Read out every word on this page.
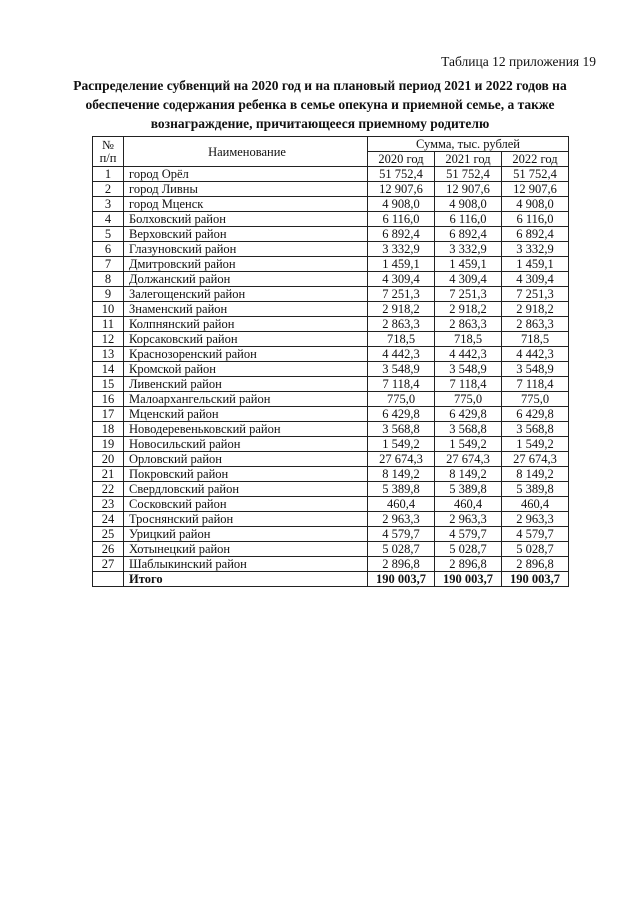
Таблица 12 приложения 19
Распределение субвенций на 2020 год и на плановый период 2021 и 2022 годов на обеспечение содержания ребенка в семье опекуна и приемной семье, а также вознаграждение, причитающееся приемному родителю
№
п/п	Наименование	Сумма, тыс. рублей		
		2020 год	2021 год	2022 год
1	город Орёл	51 752,4	51 752,4	51 752,4
2	город Ливны	12 907,6	12 907,6	12 907,6
3	город Мценск	4 908,0	4 908,0	4 908,0
4	Болховский район	6 116,0	6 116,0	6 116,0
5	Верховский район	6 892,4	6 892,4	6 892,4
6	Глазуновский район	3 332,9	3 332,9	3 332,9
7	Дмитровский район	1 459,1	1 459,1	1 459,1
8	Должанский район	4 309,4	4 309,4	4 309,4
9	Залегощенский район	7 251,3	7 251,3	7 251,3
10	Знаменский район	2 918,2	2 918,2	2 918,2
11	Колпнянский район	2 863,3	2 863,3	2 863,3
12	Корсаковский район	718,5	718,5	718,5
13	Краснозоренский район	4 442,3	4 442,3	4 442,3
14	Кромской район	3 548,9	3 548,9	3 548,9
15	Ливенский район	7 118,4	7 118,4	7 118,4
16	Малоархангельский район	775,0	775,0	775,0
17	Мценский район	6 429,8	6 429,8	6 429,8
18	Новодеревеньковский район	3 568,8	3 568,8	3 568,8
19	Новосильский район	1 549,2	1 549,2	1 549,2
20	Орловский район	27 674,3	27 674,3	27 674,3
21	Покровский район	8 149,2	8 149,2	8 149,2
22	Свердловский район	5 389,8	5 389,8	5 389,8
23	Сосковский район	460,4	460,4	460,4
24	Троснянский район	2 963,3	2 963,3	2 963,3
25	Урицкий район	4 579,7	4 579,7	4 579,7
26	Хотынецкий район	5 028,7	5 028,7	5 028,7
27	Шаблыкинский район	2 896,8	2 896,8	2 896,8
	Итого	190 003,7	190 003,7	190 003,7
